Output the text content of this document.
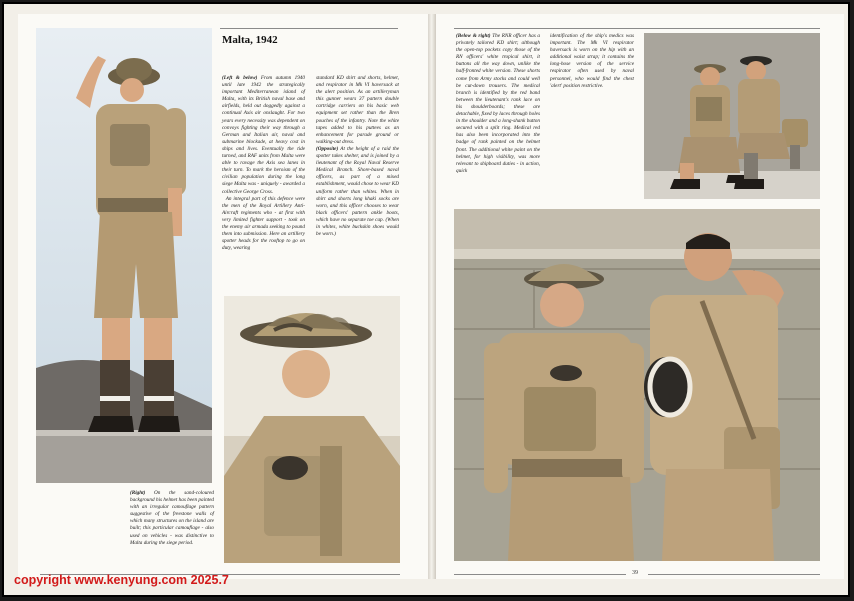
Malta, 1942
(Left & below) From autumn 1940 until late 1942 the strategically important Mediterranean island of Malta, with its British naval base and airfields, held out doggedly against a continual Axis air onslaught. For two years every necessity was dependent on convoys fighting their way through a German and Italian air, naval and submarine blockade, at heavy cost in ships and lives. Eventually the tide turned, and RAF units from Malta were able to ravage the Axis sea lanes in their turn. To mark the heroism of the civilian population during the long siege Malta was - uniquely - awarded a collective George Cross.
An integral part of this defence were the men of the Royal Artillery Anti-Aircraft regiments who - at first with very limited fighter support - took on the enemy air armada seeking to pound them into submission. Here an artillery spotter heads for the rooftop to go on duty, wearing
standard KD shirt and shorts, helmet, and respirator in Mk VI haversack at the alert position. As an artilleryman this gunner wears 37 pattern double cartridge carriers on his basic web equipment set rather than the Bren pouches of the infantry. Note the white tapes added to his puttees as an enhancement for parade ground or walking-out dress.
(Opposite) At the height of a raid the spotter takes shelter, and is joined by a lieutenant of the Royal Naval Reserve Medical Branch. Shore-based naval officers, as part of a mixed establishment, would chose to wear KD uniform rather than whites. When in shirt and shorts long khaki socks are worn, and this officer chooses to wear black officers' pattern ankle boots, which have no separate toe cap. (When in whites, white buckskin shoes would be worn.)
(Right) On the sand-coloured background his helmet has been painted with an irregular camouflage pattern suggestive of the freestone walls of which many structures on the island are built; this particular camouflage - also used on vehicles - was distinctive to Malta during the siege period.
(Below & right) The RNR officer has a privately tailored KD shirt; although the open-top pockets copy those of the RN officers' white tropical shirt, it buttons all the way down, unlike the half-fronted white version. These shorts come from Army stocks and could well be cut-down trousers. The medical branch is identified by the red band between the lieutenant's rank lace on his shoulderboards; these are detachable, fixed by laces through holes in the shoulder and a long-shank button secured with a split ring. Medical red has also been incorporated into the badge of rank painted on the helmet front. The additional white paint on the helmet, for high visibility, was more relevant to shipboard duties - in action, quick
identification of the ship's medics was important. The Mk VI respirator haversack is worn on the hip with an additional waist strap; it contains the long-hose version of the service respirator often used by naval personnel, who would find the chest 'alert' position restrictive.
39
copyright www.kenyung.com 2025.7
